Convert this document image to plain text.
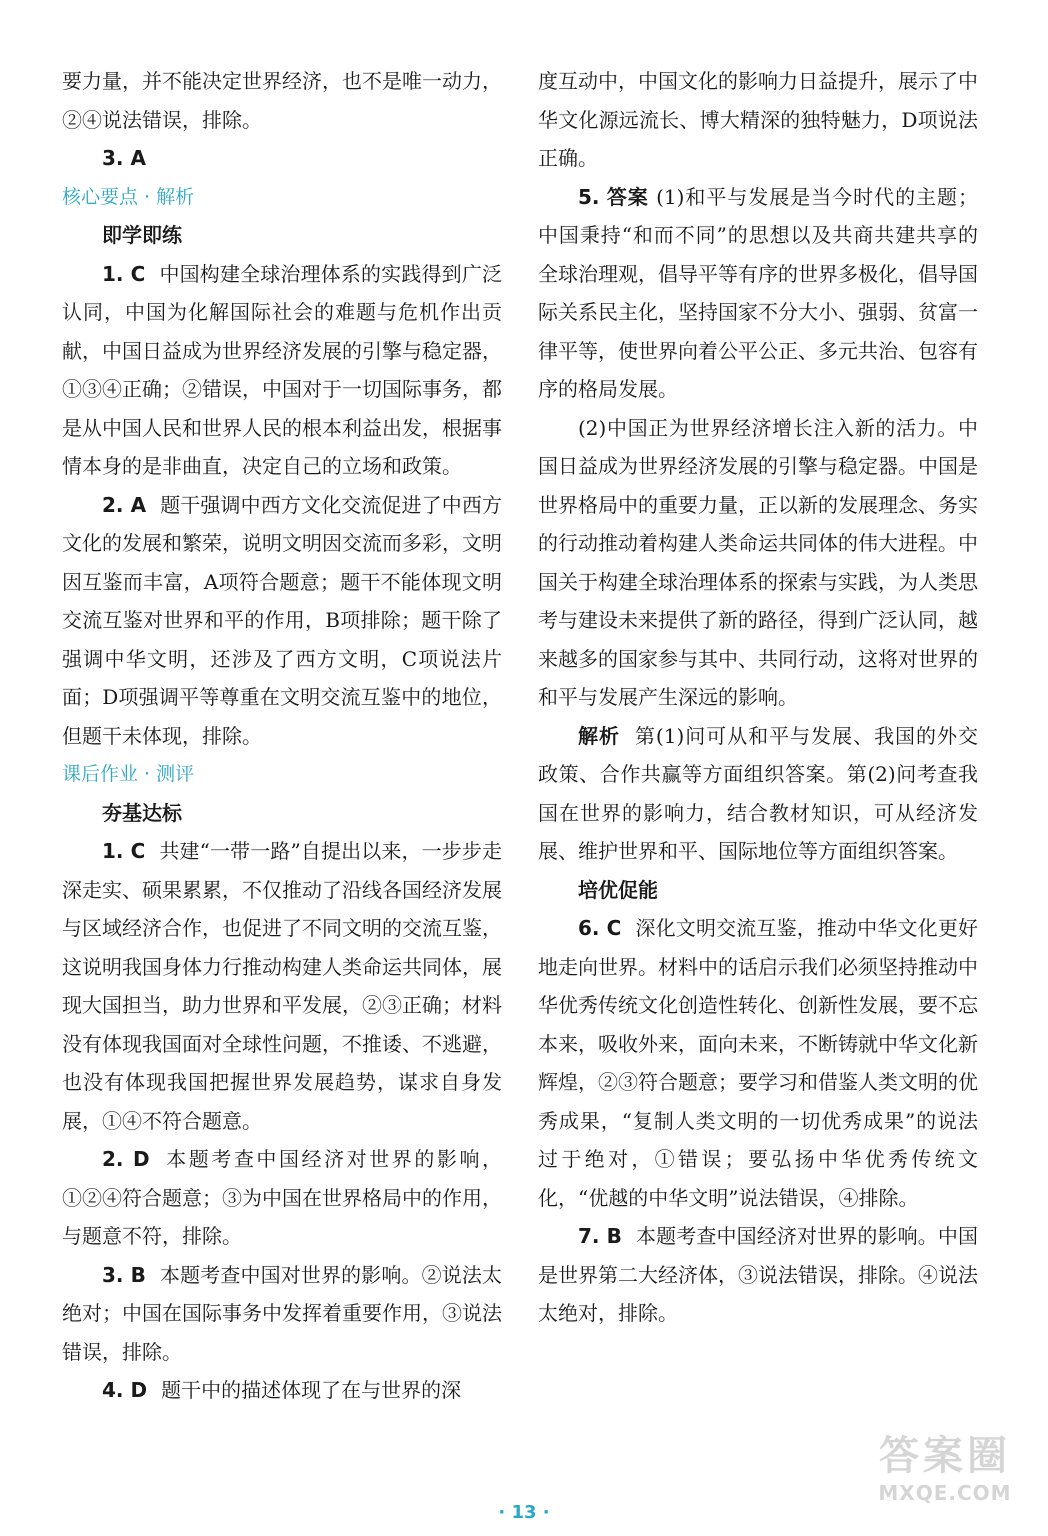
要力量，并不能决定世界经济，也不是唯一动力，②④说法错误，排除。

3. A

核心要点 · 解析

即学即练

1. C 中国构建全球治理体系的实践得到广泛认同，中国为化解国际社会的难题与危机作出贡献，中国日益成为世界经济发展的引擎与稳定器，①③④正确；②错误，中国对于一切国际事务，都是从中国人民和世界人民的根本利益出发，根据事情本身的是非曲直，决定自己的立场和政策。

2. A 题干强调中西方文化交流促进了中西方文化的发展和繁荣，说明文明因交流而多彩，文明因互鉴而丰富，A项符合题意；题干不能体现文明交流互鉴对世界和平的作用，B项排除；题干除了强调中华文明，还涉及了西方文明，C项说法片面；D项强调平等尊重在文明交流互鉴中的地位，但题干未体现，排除。

课后作业 · 测评

夯基达标

1. C 共建“一带一路”自提出以来，一步步走深走实、硕果累累，不仅推动了沿线各国经济发展与区域经济合作，也促进了不同文明的交流互鉴，这说明我国身体力行推动构建人类命运共同体，展现大国担当，助力世界和平发展，②③正确；材料没有体现我国面对全球性问题，不推诿、不逃避，也没有体现我国把握世界发展趋势，谋求自身发展，①④不符合题意。

2. D 本题考查中国经济对世界的影响，①②④符合题意；③为中国在世界格局中的作用，与题意不符，排除。

3. B 本题考查中国对世界的影响。②说法太绝对；中国在国际事务中发挥着重要作用，③说法错误，排除。

4. D 题干中的描述体现了在与世界的深

度互动中，中国文化的影响力日益提升，展示了中华文化源远流长、博大精深的独特魅力，D项说法正确。

5. 答案 (1)和平与发展是当今时代的主题；中国秉持“和而不同”的思想以及共商共建共享的全球治理观，倡导平等有序的世界多极化，倡导国际关系民主化，坚持国家不分大小、强弱、贫富一律平等，使世界向着公平公正、多元共治、包容有序的格局发展。

(2)中国正为世界经济增长注入新的活力。中国日益成为世界经济发展的引擎与稳定器。中国是世界格局中的重要力量，正以新的发展理念、务实的行动推动着构建人类命运共同体的伟大进程。中国关于构建全球治理体系的探索与实践，为人类思考与建设未来提供了新的路径，得到广泛认同，越来越多的国家参与其中、共同行动，这将对世界的和平与发展产生深远的影响。

解析 第(1)问可从和平与发展、我国的外交政策、合作共赢等方面组织答案。第(2)问考查我国在世界的影响力，结合教材知识，可从经济发展、维护世界和平、国际地位等方面组织答案。

培优促能

6. C 深化文明交流互鉴，推动中华文化更好地走向世界。材料中的话启示我们必须坚持推动中华优秀传统文化创造性转化、创新性发展，要不忘本来，吸收外来，面向未来，不断铸就中华文化新辉煌，②③符合题意；要学习和借鉴人类文明的优秀成果，“复制人类文明的一切优秀成果”的说法过于绝对，①错误；要弘扬中华优秀传统文化，“优越的中华文明”说法错误，④排除。

7. B 本题考查中国经济对世界的影响。中国是世界第二大经济体，③说法错误，排除。④说法太绝对，排除。

· 13 ·
答案圈
MXQE.COM
